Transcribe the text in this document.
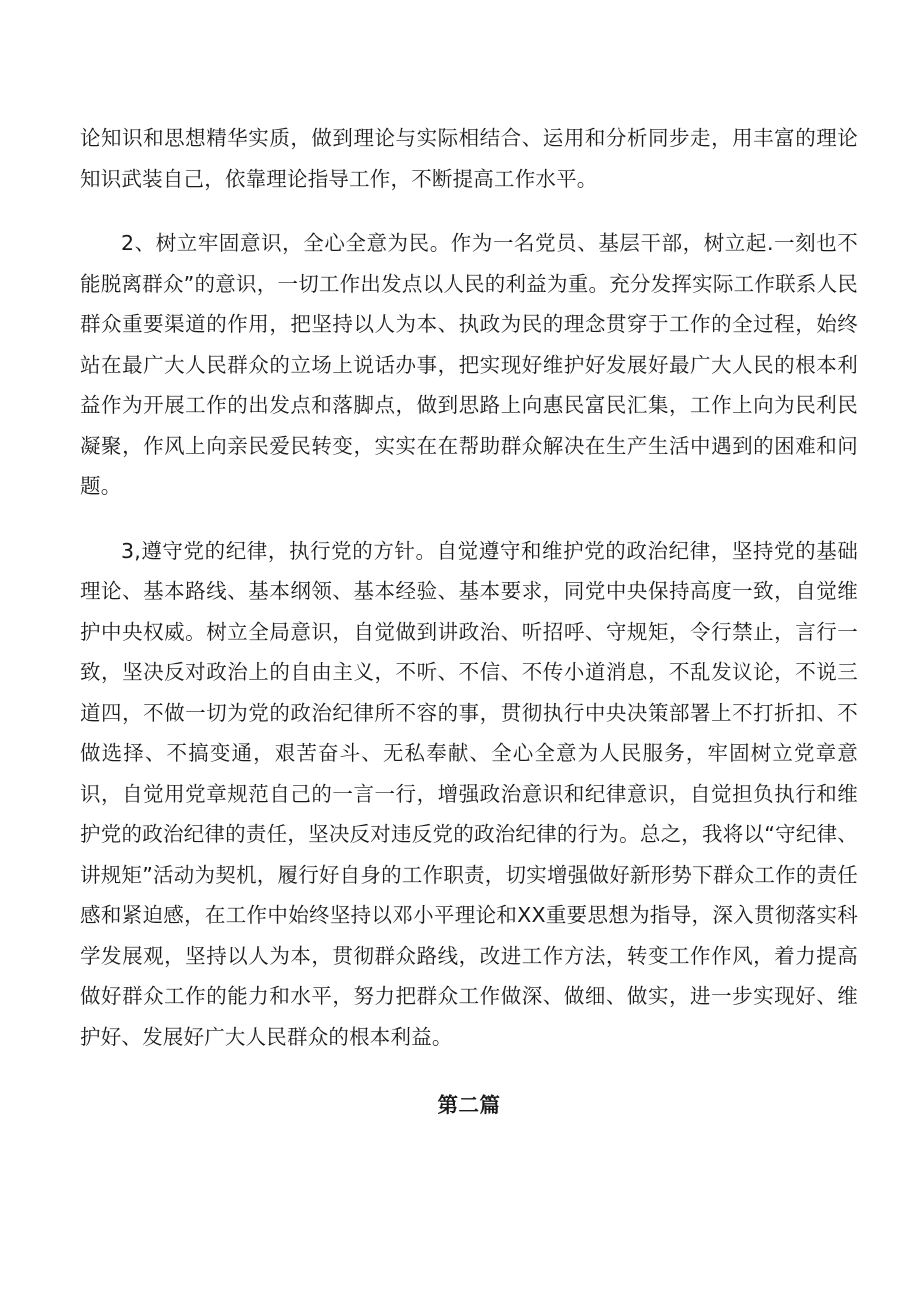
论知识和思想精华实质，做到理论与实际相结合、运用和分析同步走，用丰富的理论知识武装自己，依靠理论指导工作，不断提高工作水平。

2、树立牢固意识，全心全意为民。作为一名党员、基层干部，树立起.一刻也不能脱离群众”的意识，一切工作出发点以人民的利益为重。充分发挥实际工作联系人民群众重要渠道的作用，把坚持以人为本、执政为民的理念贯穿于工作的全过程，始终站在最广大人民群众的立场上说话办事，把实现好维护好发展好最广大人民的根本利益作为开展工作的出发点和落脚点，做到思路上向惠民富民汇集，工作上向为民利民凝聚，作风上向亲民爱民转变，实实在在帮助群众解决在生产生活中遇到的困难和问题。

3,遵守党的纪律，执行党的方针。自觉遵守和维护党的政治纪律，坚持党的基础理论、基本路线、基本纲领、基本经验、基本要求，同党中央保持高度一致，自觉维护中央权威。树立全局意识，自觉做到讲政治、听招呼、守规矩，令行禁止，言行一致，坚决反对政治上的自由主义，不听、不信、不传小道消息，不乱发议论，不说三道四，不做一切为党的政治纪律所不容的事，贯彻执行中央决策部署上不打折扣、不做选择、不搞变通，艰苦奋斗、无私奉献、全心全意为人民服务，牢固树立党章意识，自觉用党章规范自己的一言一行，增强政治意识和纪律意识，自觉担负执行和维护党的政治纪律的责任，坚决反对违反党的政治纪律的行为。总之，我将以“守纪律、讲规矩”活动为契机，履行好自身的工作职责，切实增强做好新形势下群众工作的责任感和紧迫感，在工作中始终坚持以邓小平理论和XX重要思想为指导，深入贯彻落实科学发展观，坚持以人为本，贯彻群众路线，改进工作方法，转变工作作风，着力提高做好群众工作的能力和水平，努力把群众工作做深、做细、做实，进一步实现好、维护好、发展好广大人民群众的根本利益。

第二篇
